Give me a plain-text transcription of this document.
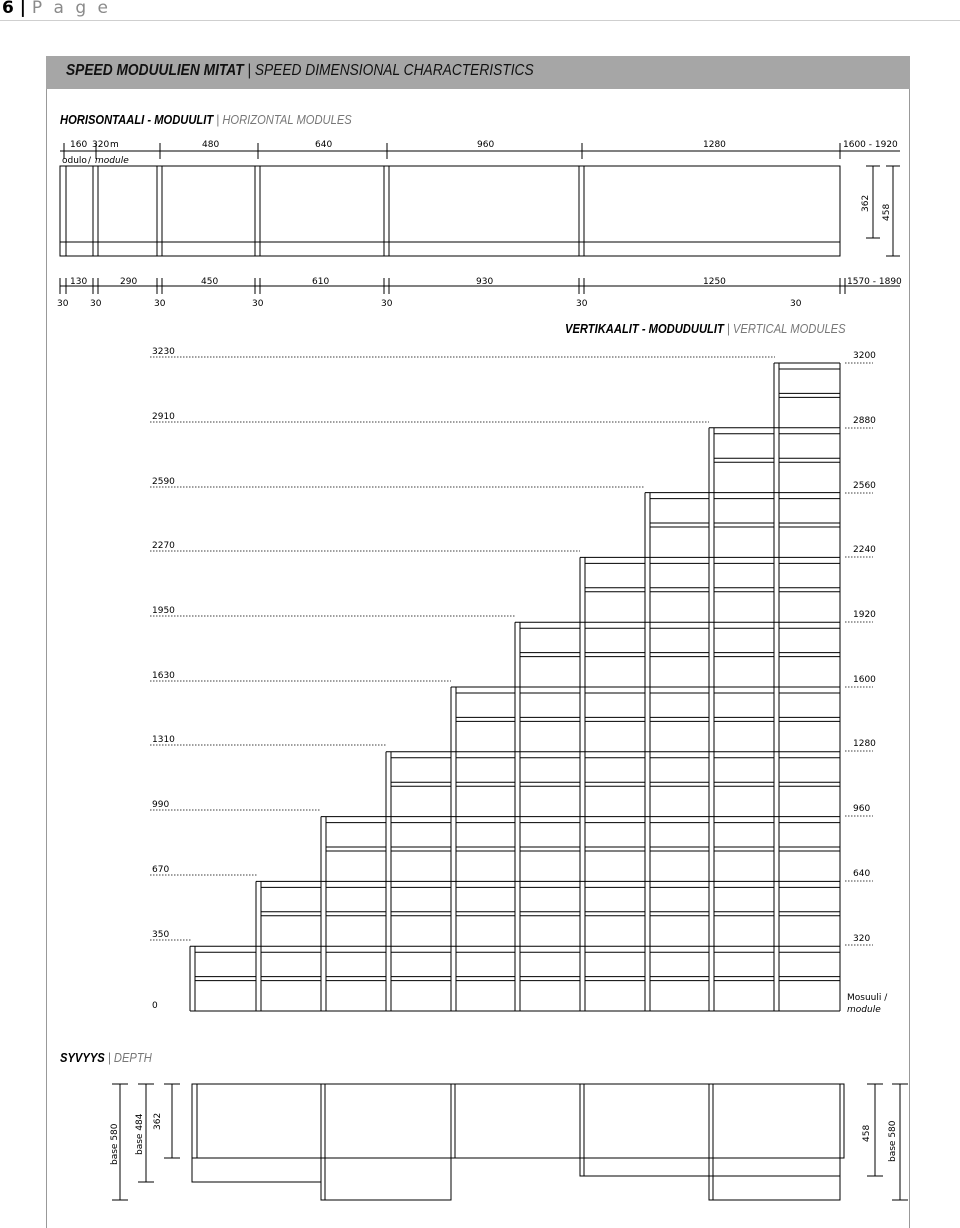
6 | P a g e
SPEED MODUULIEN MITAT | SPEED DIMENSIONAL CHARACTERISTICS
HORISONTAALI - MODUULIT | HORIZONTAL MODULES
VERTIKAALIT - MODUDUULIT | VERTICAL MODULES
SYVYYS | DEPTH
160 320 m	480	640	960	1280	1600 - 1920
odulo / module
362
458
130	290	450	610	930	1250	1570 - 1890
30 30	30	30	30	30	30
3230
2910
2590
2270
1950
1630
1310
990
670
350
0
3200
2880
2560
2240
1920
1600
1280
960
640
320
Mosuuli /
module
base 580 base 484 362
458 base 580
